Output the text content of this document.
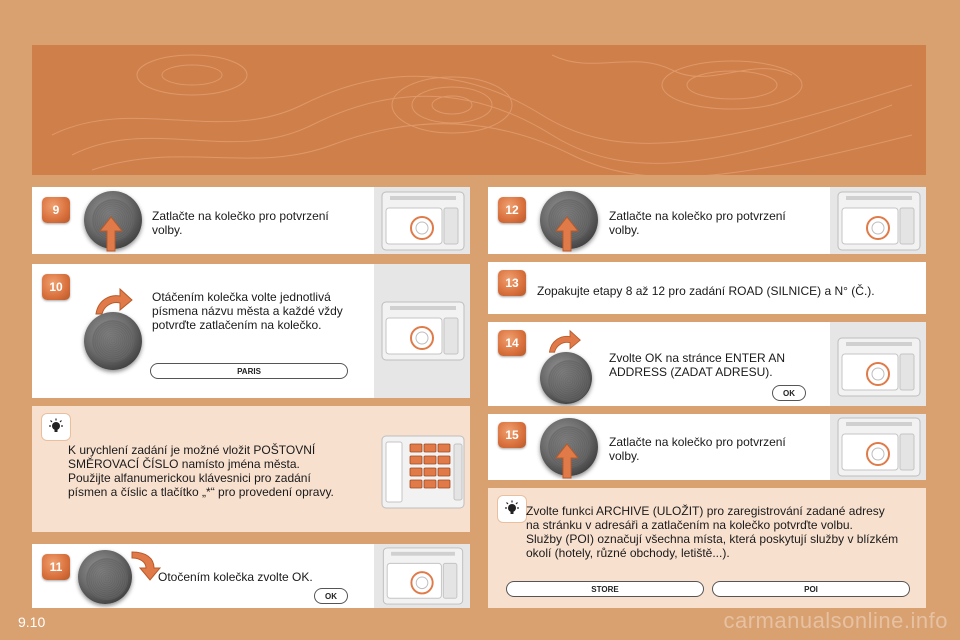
9	Zatlačte na kolečko pro potvrzení
volby.
10
Otáčením kolečka volte jednotlivá
písmena názvu města a každé vždy
potvrďte zatlačením na kolečko.
PARIS
K urychlení zadání je možné vložit POŠTOVNÍ
SMĚROVACÍ ČÍSLO namísto jména města.
Použijte alfanumerickou klávesnici pro zadání
písmen a číslic a tlačítko „*“ pro provedení opravy.
11
Otočením kolečka zvolte OK.
OK
12	Zatlačte na kolečko pro potvrzení
volby.
13
Zopakujte etapy 8 až 12 pro zadání ROAD (SILNICE) a N° (Č.).
14
Zvolte OK na stránce ENTER AN
ADDRESS (ZADAT ADRESU).
OK
15	Zatlačte na kolečko pro potvrzení
volby.
Zvolte funkci ARCHIVE (ULOŽIT) pro zaregistrování zadané adresy
na stránku v adresáři a zatlačením na kolečko potvrďte volbu.
Služby (POI) označují všechna místa, která poskytují služby v blízkém
okolí (hotely, různé obchody, letiště...).
STORE	POI
9.10	carmanualsonline.info
